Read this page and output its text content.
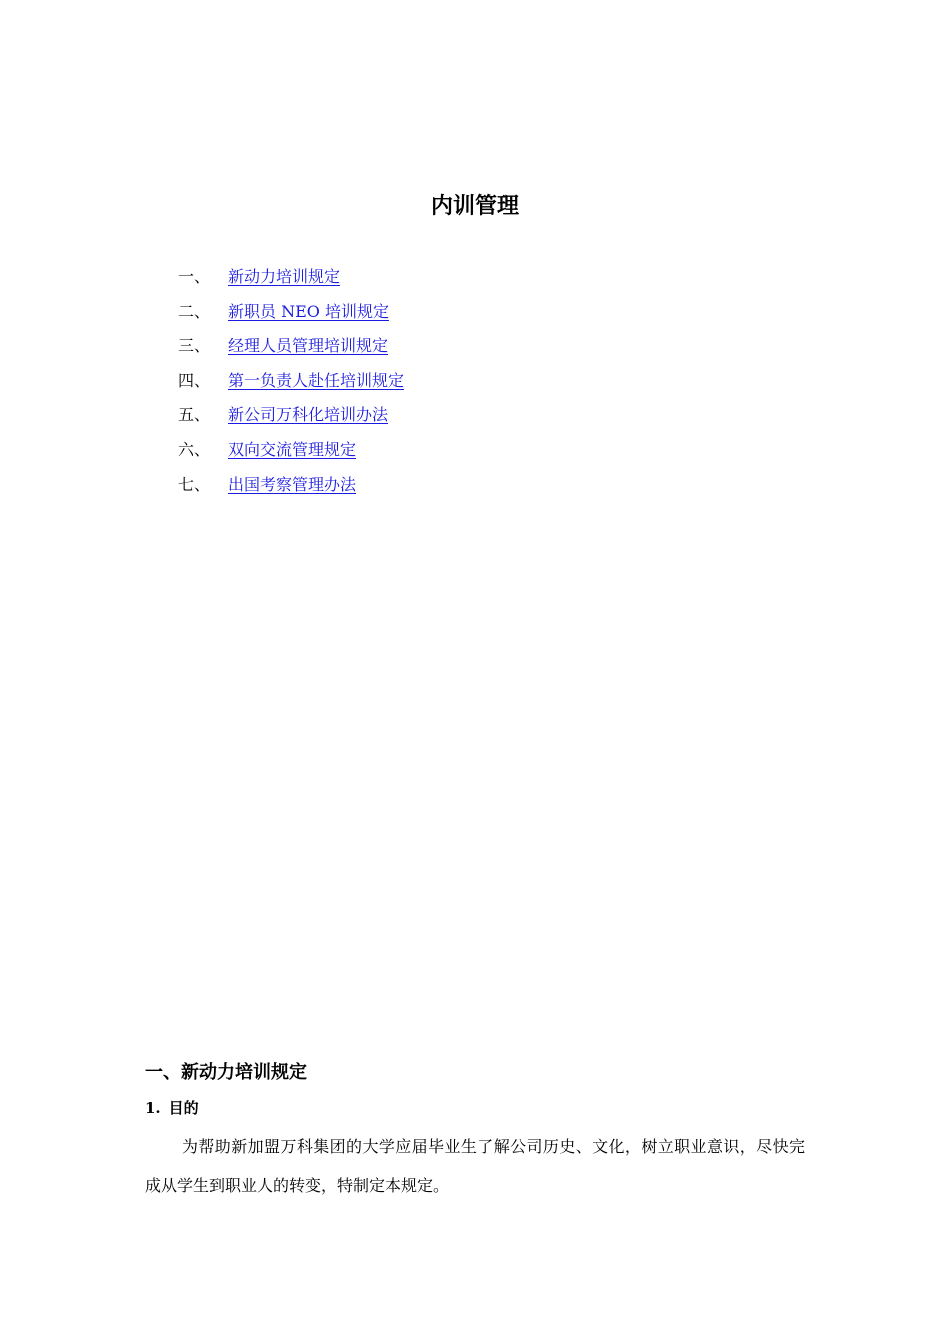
内训管理
一、 新动力培训规定
二、 新职员 NEO 培训规定
三、 经理人员管理培训规定
四、 第一负责人赴任培训规定
五、 新公司万科化培训办法
六、 双向交流管理规定
七、 出国考察管理办法
一、新动力培训规定
1. 目的

为帮助新加盟万科集团的大学应届毕业生了解公司历史、文化，树立职业意识，尽快完成从学生到职业人的转变，特制定本规定。
